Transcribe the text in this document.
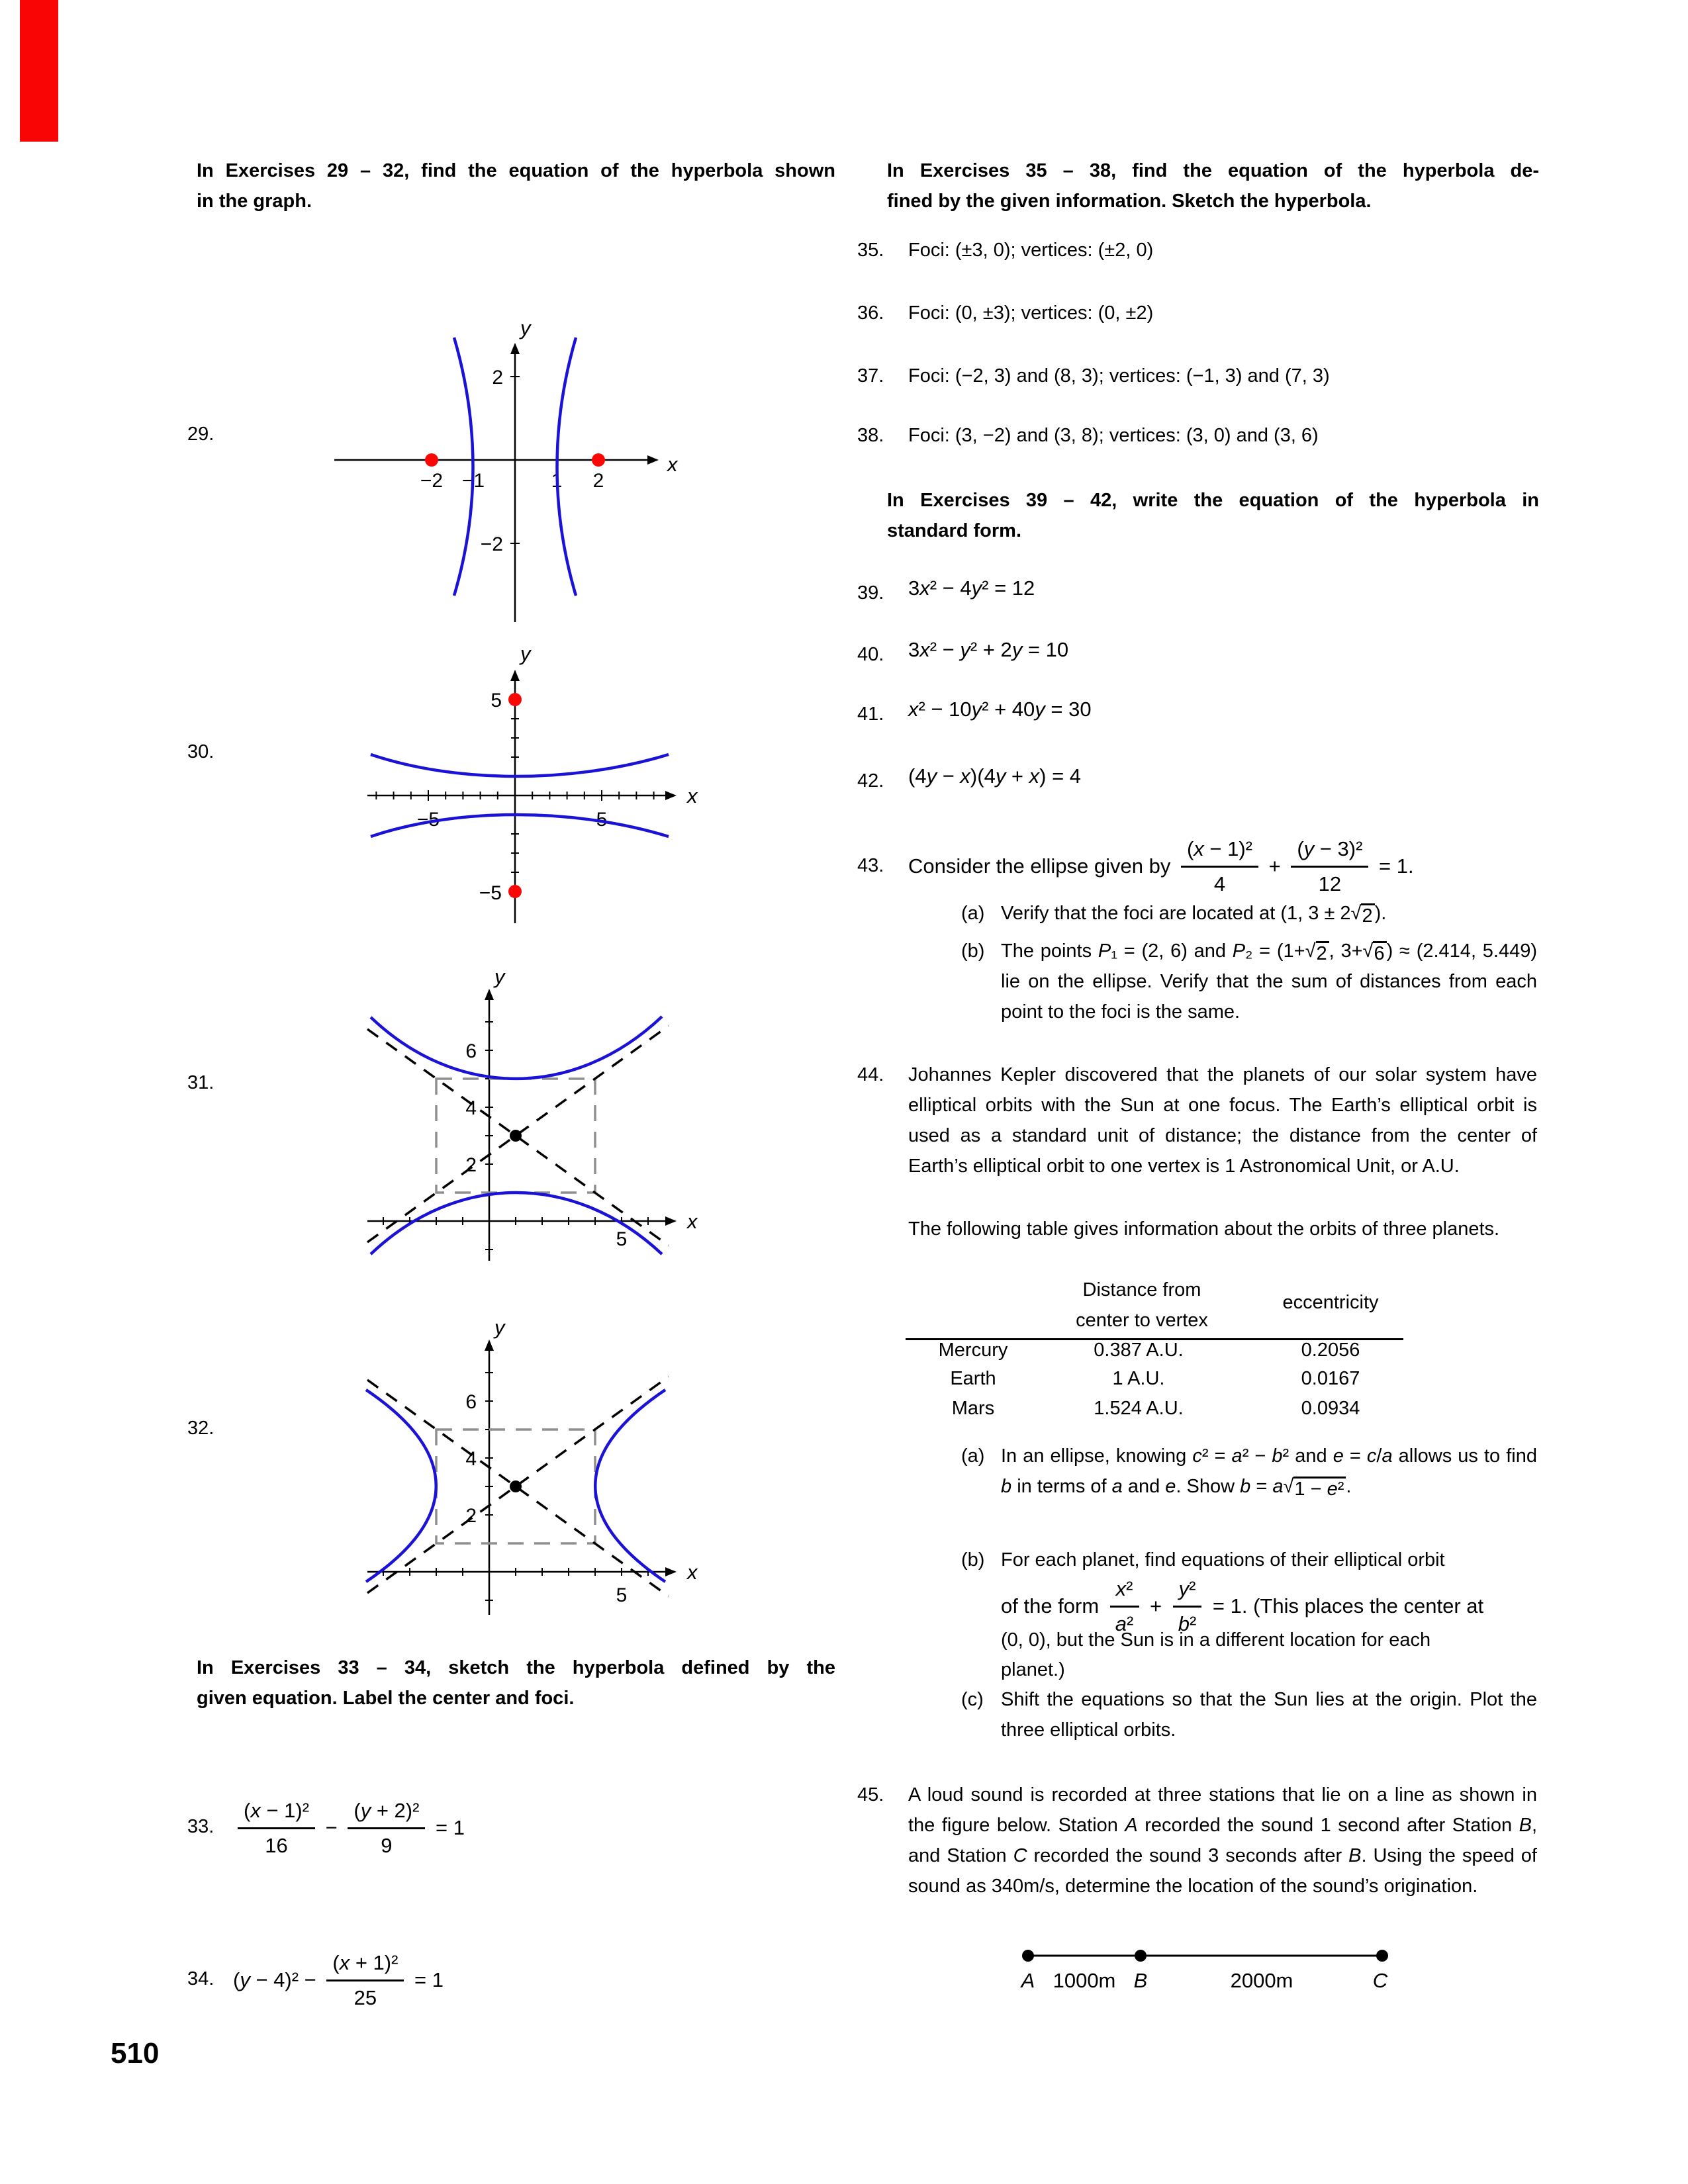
In Exercises 29 – 32, find the equation of the hyperbola shown
in the graph.
29.
30.
31.
32.
x
y
−2 −1	1 2
2
−2
x
y
−5	5
5
−5
x
y
6
4
2
5
x
y
6
4
2
5
In Exercises 33 – 34, sketch the hyperbola defined by the
given equation. Label the center and foci.
33. $\frac{\text{(x − 1)²}}{16} - \frac{\text{(y + 2)²}}{9} = 1$
34. ( $y - 4)^2 - \frac{\text{(x + 1)²}}{25} = 1$
510
In Exercises 35 – 38, find the equation of the hyperbola de-
fined by the given information. Sketch the hyperbola.
35. Foci: (±3, 0); vertices: (±2, 0)
36. Foci: (0, ±3); vertices: (0, ±2)
37. Foci: (−2, 3) and (8, 3); vertices: (−1, 3) and (7, 3)
38. Foci: (3, −2) and (3, 8); vertices: (3, 0) and (3, 6)
In Exercises 39 – 42, write the equation of the hyperbola in
standard form.
39. 3 x ² − 4 y ² = 12
40. 3 x ² − y ² + 2 y = 10
41. x ² − 10 y ² + 40 y = 30
42. (4 y − x )(4 y + x ) = 4
43. Consider the ellipse given by $\frac{\text{(x − 1)²}}{4} + \frac{\text{(y − 3)²}}{12} = 1$.
(a) Verify that the foci are located at (1, 3 ± 2 √ 2 ).
(b) The points P₁ = (2, 6) and P₂ = (1+ √ 2 , 3+ √ 6 ) ≈ (2.414, 5.449) lie on the ellipse. Verify that the sum of distances from each point to the foci is the same.
44. Johannes Kepler discovered that the planets of our solar system have elliptical orbits with the Sun at one focus. The Earth’s elliptical orbit is used as a standard unit of distance; the distance from the center of Earth’s elliptical orbit to one vertex is 1 Astronomical Unit, or A.U.
The following table gives information about the orbits of three planets.
Distance from
center to vertex
eccentricity
Mercury	0.387 A.U.	0.2056
Earth	1 A.U.	0.0167
Mars	1.524 A.U.	0.0934
(a) In an ellipse, knowing c² = a² − b² and e = c/a allows us to find b in terms of a and e. Show b = a √ 1 − e² .
(b) For each planet, find equations of their elliptical orbit
of the form $\frac{\text{x²}}{\text{a²}} + \frac{\text{y²}}{\text{b²}} = 1$. (This places the center at
(0, 0), but the Sun is in a different location for each
planet.)
(c) Shift the equations so that the Sun lies at the origin. Plot the three elliptical orbits.
45. A loud sound is recorded at three stations that lie on a line as shown in the figure below. Station A recorded the sound 1 second after Station B, and Station C recorded the sound 3 seconds after B. Using the speed of sound as 340m/s, determine the location of the sound’s origination.
A 1000m B	2000m	C
